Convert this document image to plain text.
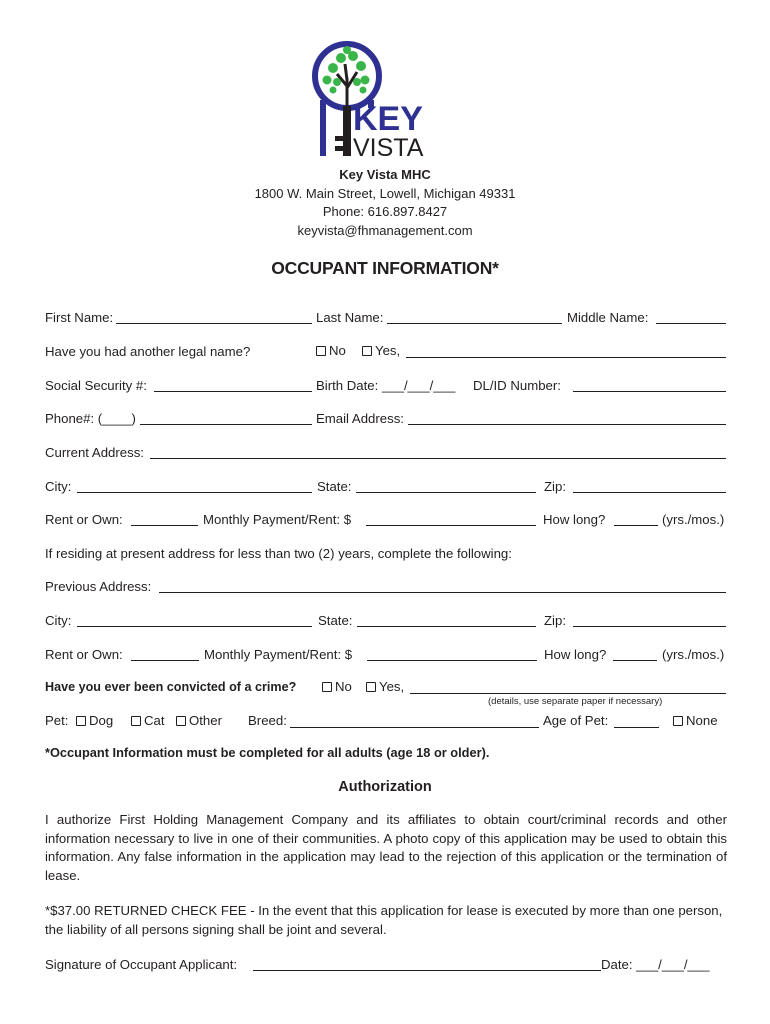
KEY
VISTA
Key Vista MHC
1800 W. Main Street, Lowell, Michigan 49331
Phone: 616.897.8427
keyvista@fhmanagement.com
OCCUPANT INFORMATION*
First Name:	Last Name:	Middle Name:
Have you had another legal name?	No	Yes,
Social Security #:	Birth Date: ___/___/___ DL/ID Number:
Phone#: (____)	Email Address:
Current Address:
City:	State:	Zip:
Rent or Own:	Monthly Payment/Rent: $	How long?	(yrs./mos.)
If residing at present address for less than two (2) years, complete the following:
Previous Address:
City:	State:	Zip:
Rent or Own:	Monthly Payment/Rent: $	How long?	(yrs./mos.)
Have you ever been convicted of a crime?	No	Yes,
(details, use separate paper if necessary)
Pet:	Dog	Cat	Other Breed:	Age of Pet:	None
*Occupant Information must be completed for all adults (age 18 or older).
Authorization
I authorize First Holding Management Company and its affiliates to obtain court/criminal records and other information necessary to live in one of their communities. A photo copy of this application may be used to obtain this information. Any false information in the application may lead to the rejection of this application or the termination of lease.
*$37.00 RETURNED CHECK FEE - In the event that this application for lease is executed by more than one person, the liability of all persons signing shall be joint and several.
Signature of Occupant Applicant:	Date: ___/___/___
